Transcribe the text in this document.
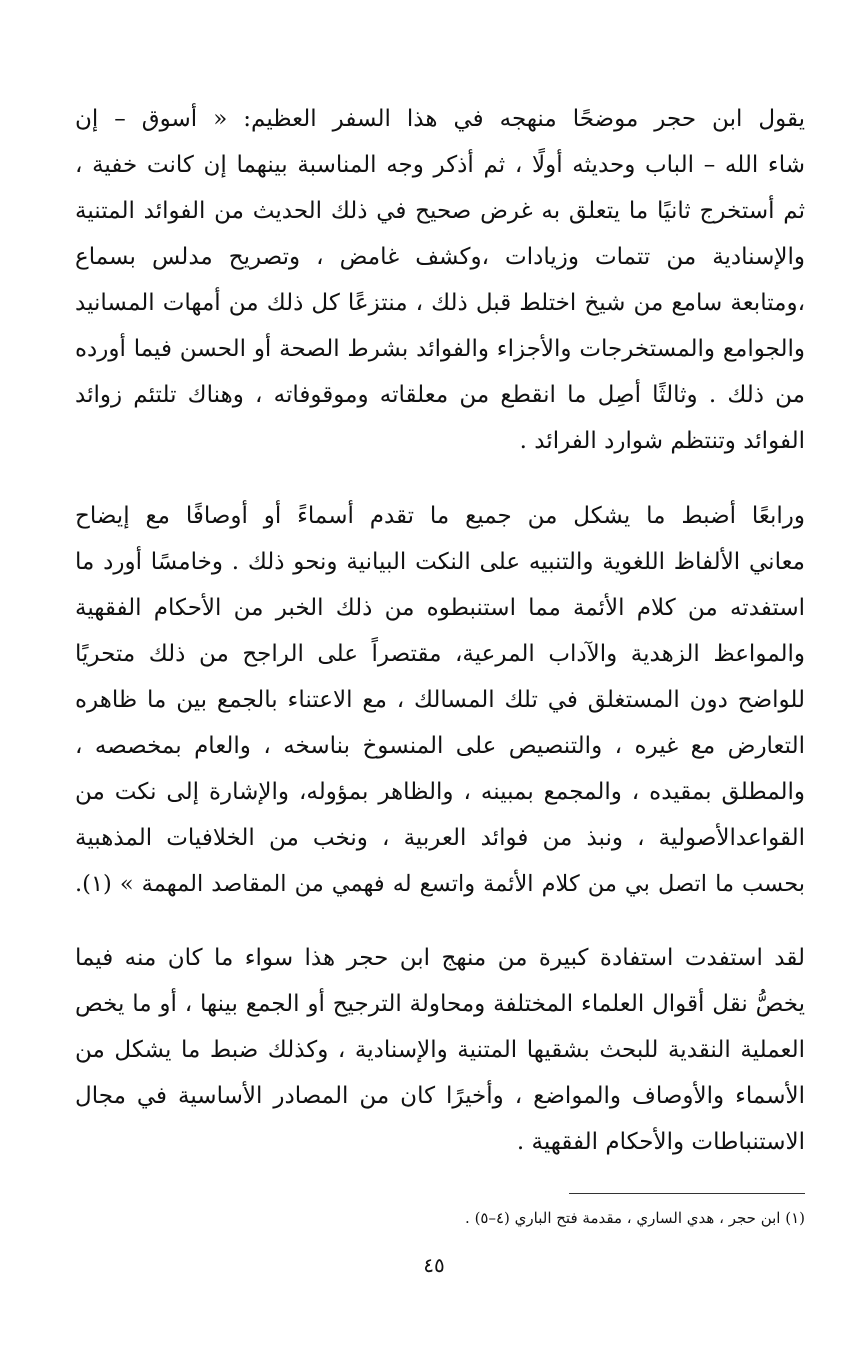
يقول ابن حجر موضحًا منهجه في هذا السفر العظيم: « أسوق – إن
شاء الله – الباب وحديثه أولًا ، ثم أذكر وجه المناسبة بينهما إن كانت خفية ،
ثم أستخرج ثانيًا ما يتعلق به غرض صحيح في ذلك الحديث من الفوائد المتنية
والإسنادية من تتمات وزيادات ،وكشف غامض ، وتصريح مدلس بسماع
،ومتابعة سامع من شيخ اختلط قبل ذلك ، منتزعًا كل ذلك من أمهات المسانيد
والجوامع والمستخرجات والأجزاء والفوائد بشرط الصحة أو الحسن فيما أورده
من ذلك . وثالثًا أصِل ما انقطع من معلقاته وموقوفاته ، وهناك تلتئم زوائد
الفوائد وتنتظم شوارد الفرائد .
ورابعًا أضبط ما يشكل من جميع ما تقدم أسماءً أو أوصافًا مع إيضاح
معاني الألفاظ اللغوية والتنبيه على النكت البيانية ونحو ذلك . وخامسًا أورد ما
استفدته من كلام الأئمة مما استنبطوه من ذلك الخبر من الأحكام الفقهية
والمواعظ الزهدية والآداب المرعية، مقتصراً على الراجح من ذلك متحريًا
للواضح دون المستغلق في تلك المسالك ، مع الاعتناء بالجمع بين ما ظاهره
التعارض مع غيره ، والتنصيص على المنسوخ بناسخه ، والعام بمخصصه ،
والمطلق بمقيده ، والمجمع بمبينه ، والظاهر بمؤوله، والإشارة إلى نكت من
القواعدالأصولية ، ونبذ من فوائد العربية ، ونخب من الخلافيات المذهبية
بحسب ما اتصل بي من كلام الأئمة واتسع له فهمي من المقاصد المهمة » (١).
لقد استفدت استفادة كبيرة من منهج ابن حجر هذا سواء ما كان منه فيما
يخصُّ نقل أقوال العلماء المختلفة ومحاولة الترجيح أو الجمع بينها ، أو ما يخص
العملية النقدية للبحث بشقيها المتنية والإسنادية ، وكذلك ضبط ما يشكل من
الأسماء والأوصاف والمواضع ، وأخيرًا كان من المصادر الأساسية في مجال
الاستنباطات والأحكام الفقهية .
(١) ابن حجر ، هدي الساري ، مقدمة فتح الباري (٤–٥) .
٤٥
